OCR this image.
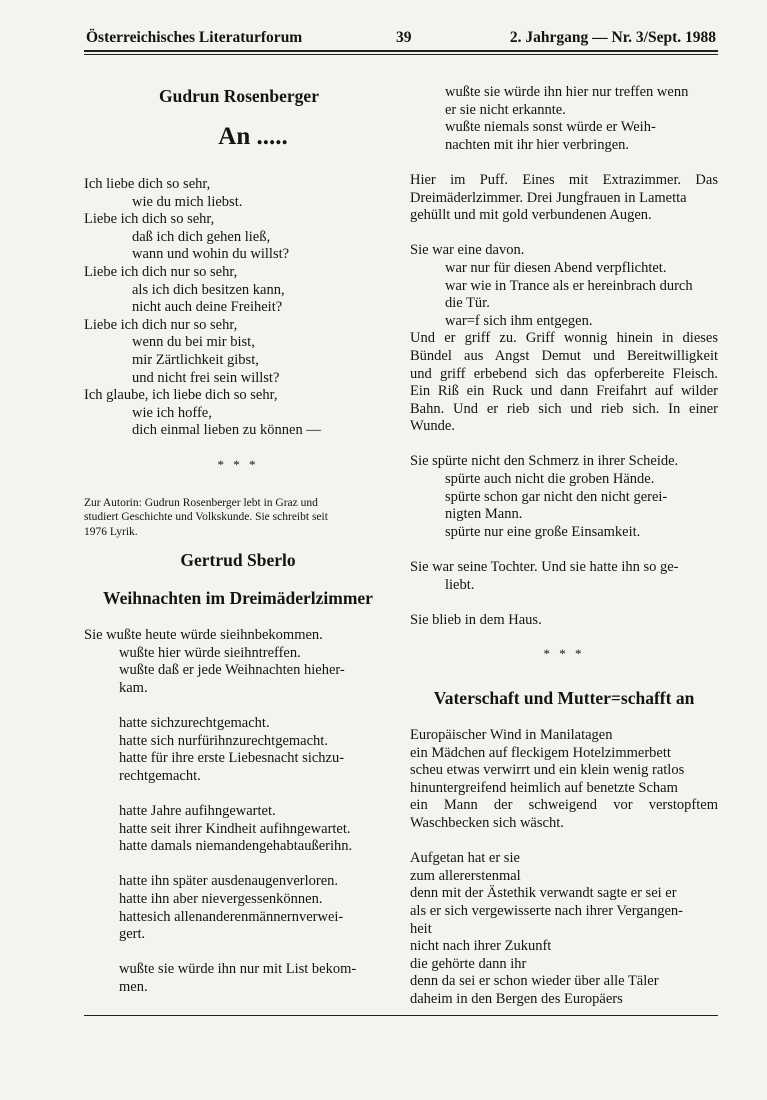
Österreichisches Literaturforum	39	2. Jahrgang — Nr. 3/Sept. 1988
Gudrun Rosenberger
An .....
Ich liebe dich so sehr,
wie du mich liebst.
Liebe ich dich so sehr,
daß ich dich gehen ließ,
wann und wohin du willst?
Liebe ich dich nur so sehr,
als ich dich besitzen kann,
nicht auch deine Freiheit?
Liebe ich dich nur so sehr,
wenn du bei mir bist,
mir Zärtlichkeit gibst,
und nicht frei sein willst?
Ich glaube, ich liebe dich so sehr,
wie ich hoffe,
dich einmal lieben zu können —
* * *
Zur Autorin: Gudrun Rosenberger lebt in Graz und
studiert Geschichte und Volkskunde. Sie schreibt seit
1976 Lyrik.
Gertrud Sberlo
Weihnachten im Dreimäderlzimmer
Sie wußte heute würde sieihnbekommen.
wußte hier würde sieihntreffen.
wußte daß er jede Weihnachten hieher-
kam.
hatte sichzurechtgemacht.
hatte sich nurfürihnzurechtgemacht.
hatte für ihre erste Liebesnacht sichzu-
rechtgemacht.
hatte Jahre aufihngewartet.
hatte seit ihrer Kindheit aufihngewartet.
hatte damals niemandengehabtaußerihn.
hatte ihn später ausdenaugenverloren.
hatte ihn aber nievergessenkönnen.
hattesich allenanderenmännernverwei-
gert.
wußte sie würde ihn nur mit List bekom-
men.
wußte sie würde ihn hier nur treffen wenn
er sie nicht erkannte.
wußte niemals sonst würde er Weih-
nachten mit ihr hier verbringen.
Hier im Puff. Eines mit Extrazimmer. Das
Dreimäderlzimmer. Drei Jungfrauen in Lametta
gehüllt und mit gold verbundenen Augen.
Sie war eine davon.
war nur für diesen Abend verpflichtet.
war wie in Trance als er hereinbrach durch
die Tür.
war=f sich ihm entgegen.
Und er griff zu. Griff wonnig hinein in dieses
Bündel aus Angst Demut und Bereitwilligkeit
und griff erbebend sich das opferbereite Fleisch.
Ein Riß ein Ruck und dann Freifahrt auf wilder
Bahn. Und er rieb sich und rieb sich. In einer
Wunde.
Sie spürte nicht den Schmerz in ihrer Scheide.
spürte auch nicht die groben Hände.
spürte schon gar nicht den nicht gerei-
nigten Mann.
spürte nur eine große Einsamkeit.
Sie war seine Tochter. Und sie hatte ihn so ge-
liebt.
Sie blieb in dem Haus.
* * *
Vaterschaft und Mutter=schafft an
Europäischer Wind in Manilatagen
ein Mädchen auf fleckigem Hotelzimmerbett
scheu etwas verwirrt und ein klein wenig ratlos
hinuntergreifend heimlich auf benetzte Scham
ein Mann der schweigend vor verstopftem
Waschbecken sich wäscht.
Aufgetan hat er sie
zum allererstenmal
denn mit der Ästethik verwandt sagte er sei er
als er sich vergewisserte nach ihrer Vergangen-
heit
nicht nach ihrer Zukunft
die gehörte dann ihr
denn da sei er schon wieder über alle Täler
daheim in den Bergen des Europäers
